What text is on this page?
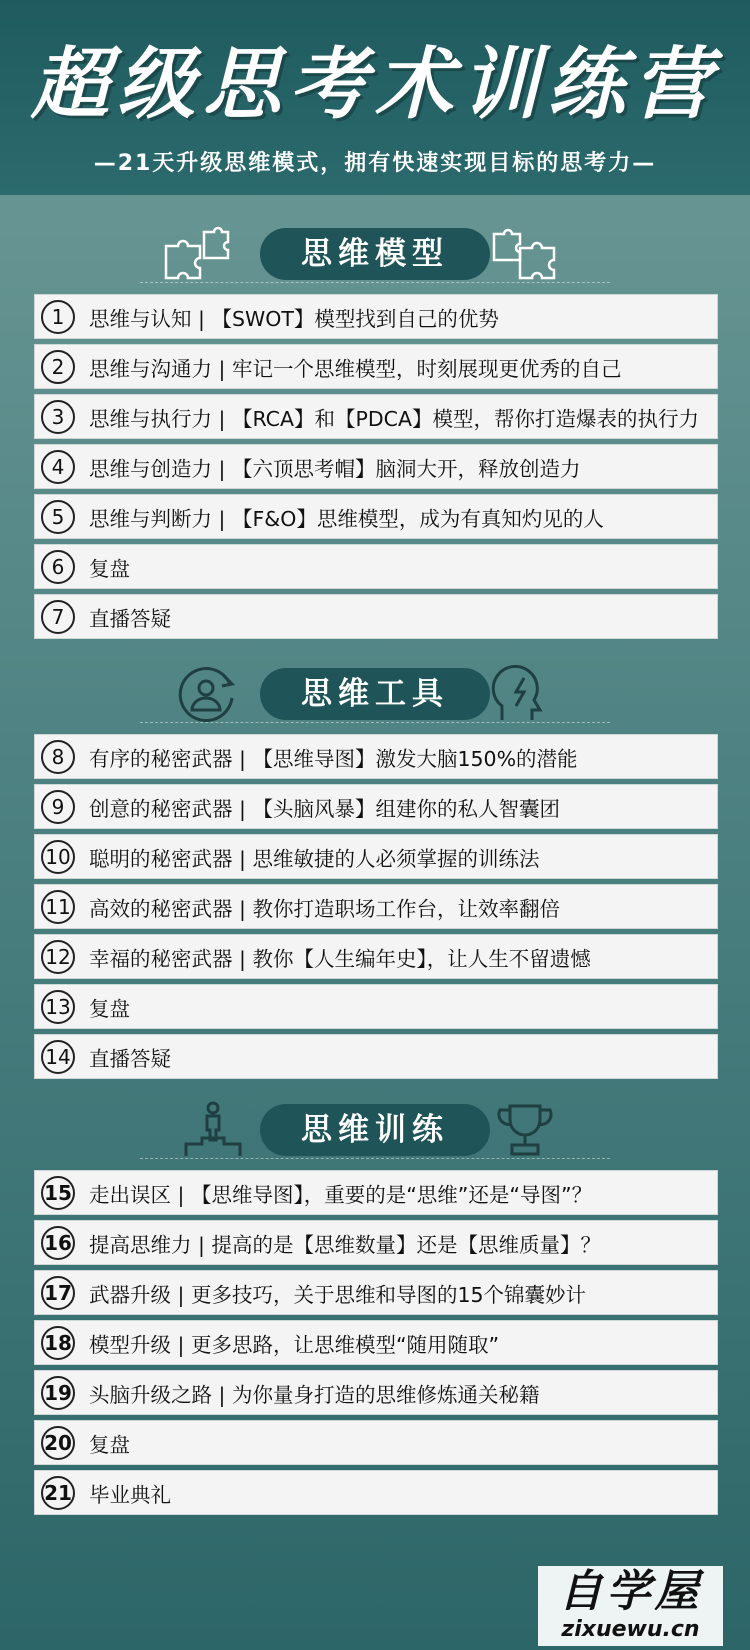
超级思考术训练营
—21天升级思维模式，拥有快速实现目标的思考力—
思维模型
1	思维与认知 | 【SWOT】模型找到自己的优势
2	思维与沟通力 | 牢记一个思维模型，时刻展现更优秀的自己
3	思维与执行力 | 【RCA】和【PDCA】模型，帮你打造爆表的执行力
4	思维与创造力 | 【六顶思考帽】脑洞大开，释放创造力
5	思维与判断力 | 【F&O】思维模型，成为有真知灼见的人
6	复盘
7	直播答疑
思维工具
8	有序的秘密武器 | 【思维导图】激发大脑150%的潜能
9	创意的秘密武器 | 【头脑风暴】组建你的私人智囊团
10 聪明的秘密武器 | 思维敏捷的人必须掌握的训练法
11 高效的秘密武器 | 教你打造职场工作台，让效率翻倍
12 幸福的秘密武器 | 教你【人生编年史】，让人生不留遗憾
13 复盘
14 直播答疑
思维训练
15 走出误区 | 【思维导图】，重要的是“思维”还是“导图”？
16 提高思维力 | 提高的是【思维数量】还是【思维质量】？
17 武器升级 | 更多技巧，关于思维和导图的15个锦囊妙计
18 模型升级 | 更多思路，让思维模型“随用随取”
19 头脑升级之路 | 为你量身打造的思维修炼通关秘籍
20 复盘
21 毕业典礼
自学屋
zixuewu.cn
